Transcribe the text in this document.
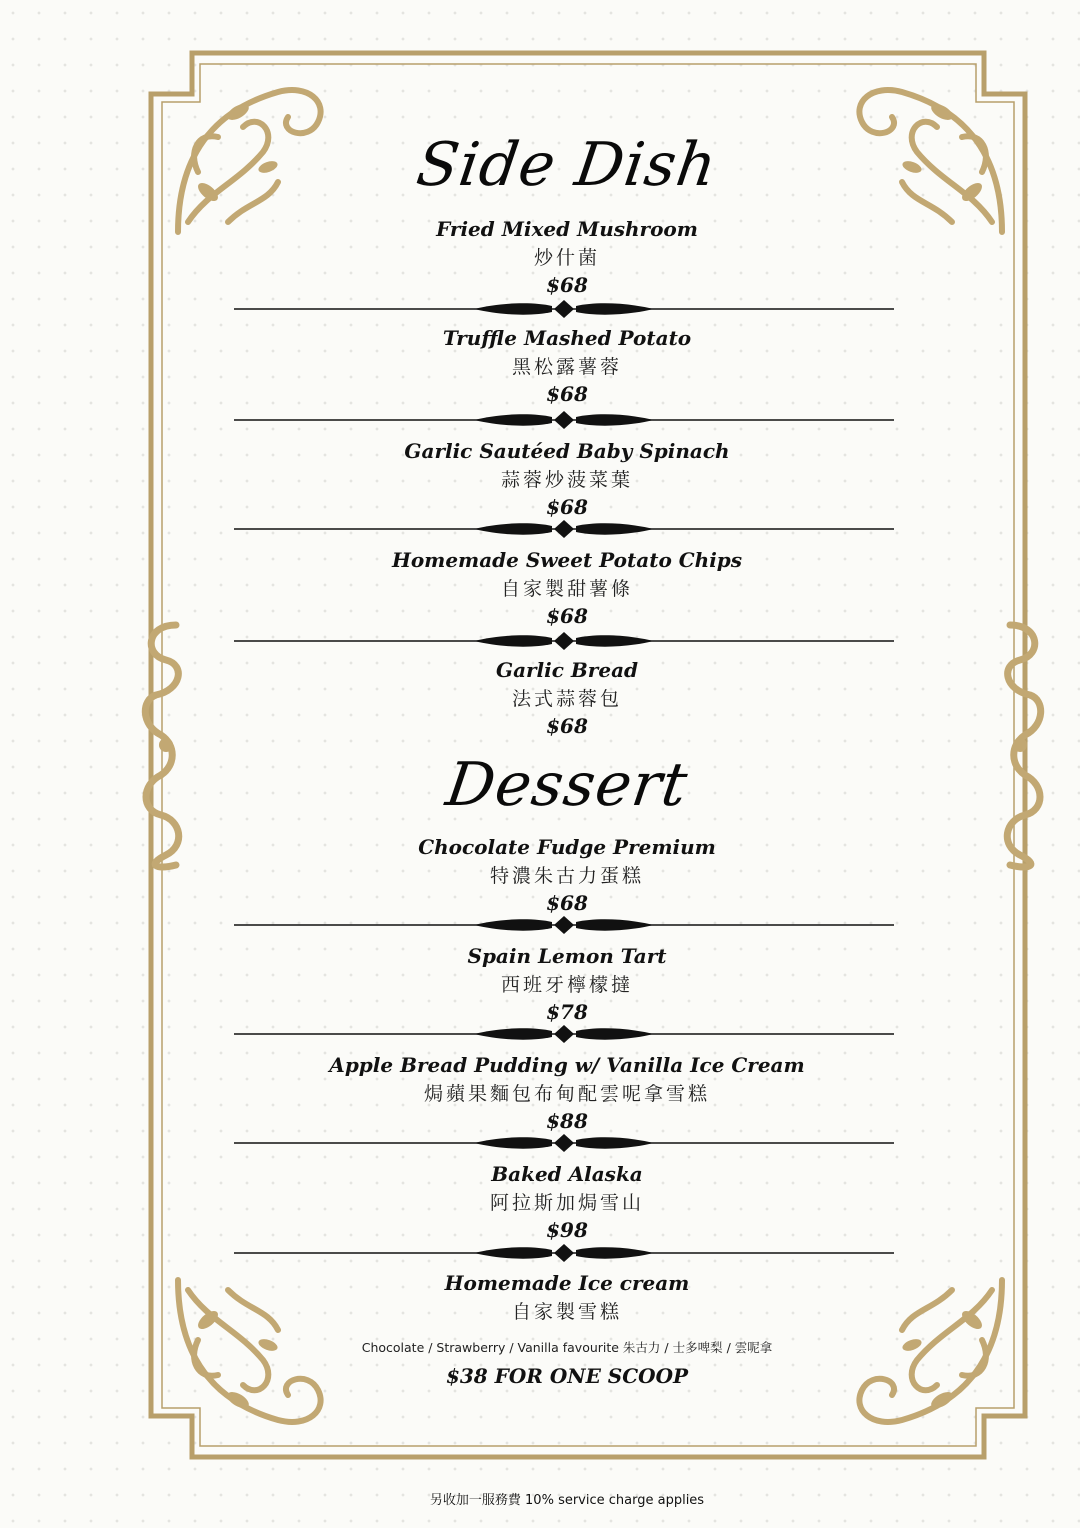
Side Dish
Fried Mixed Mushroom
炒什菌
$68
Truffle Mashed Potato
黑松露薯蓉
$68
Garlic Sautéed Baby Spinach
蒜蓉炒菠菜葉
$68
Homemade Sweet Potato Chips
自家製甜薯條
$68
Garlic Bread
法式蒜蓉包
$68
Dessert
Chocolate Fudge Premium
特濃朱古力蛋糕
$68
Spain Lemon Tart
西班牙檸檬撻
$78
Apple Bread Pudding w/ Vanilla Ice Cream
焗蘋果麵包布甸配雲呢拿雪糕
$88
Baked Alaska
阿拉斯加焗雪山
$98
Homemade Ice cream
自家製雪糕
Chocolate / Strawberry / Vanilla favourite 朱古力 / 士多啤梨 / 雲呢拿
$38 FOR ONE SCOOP
另收加一服務費 10% service charge applies
